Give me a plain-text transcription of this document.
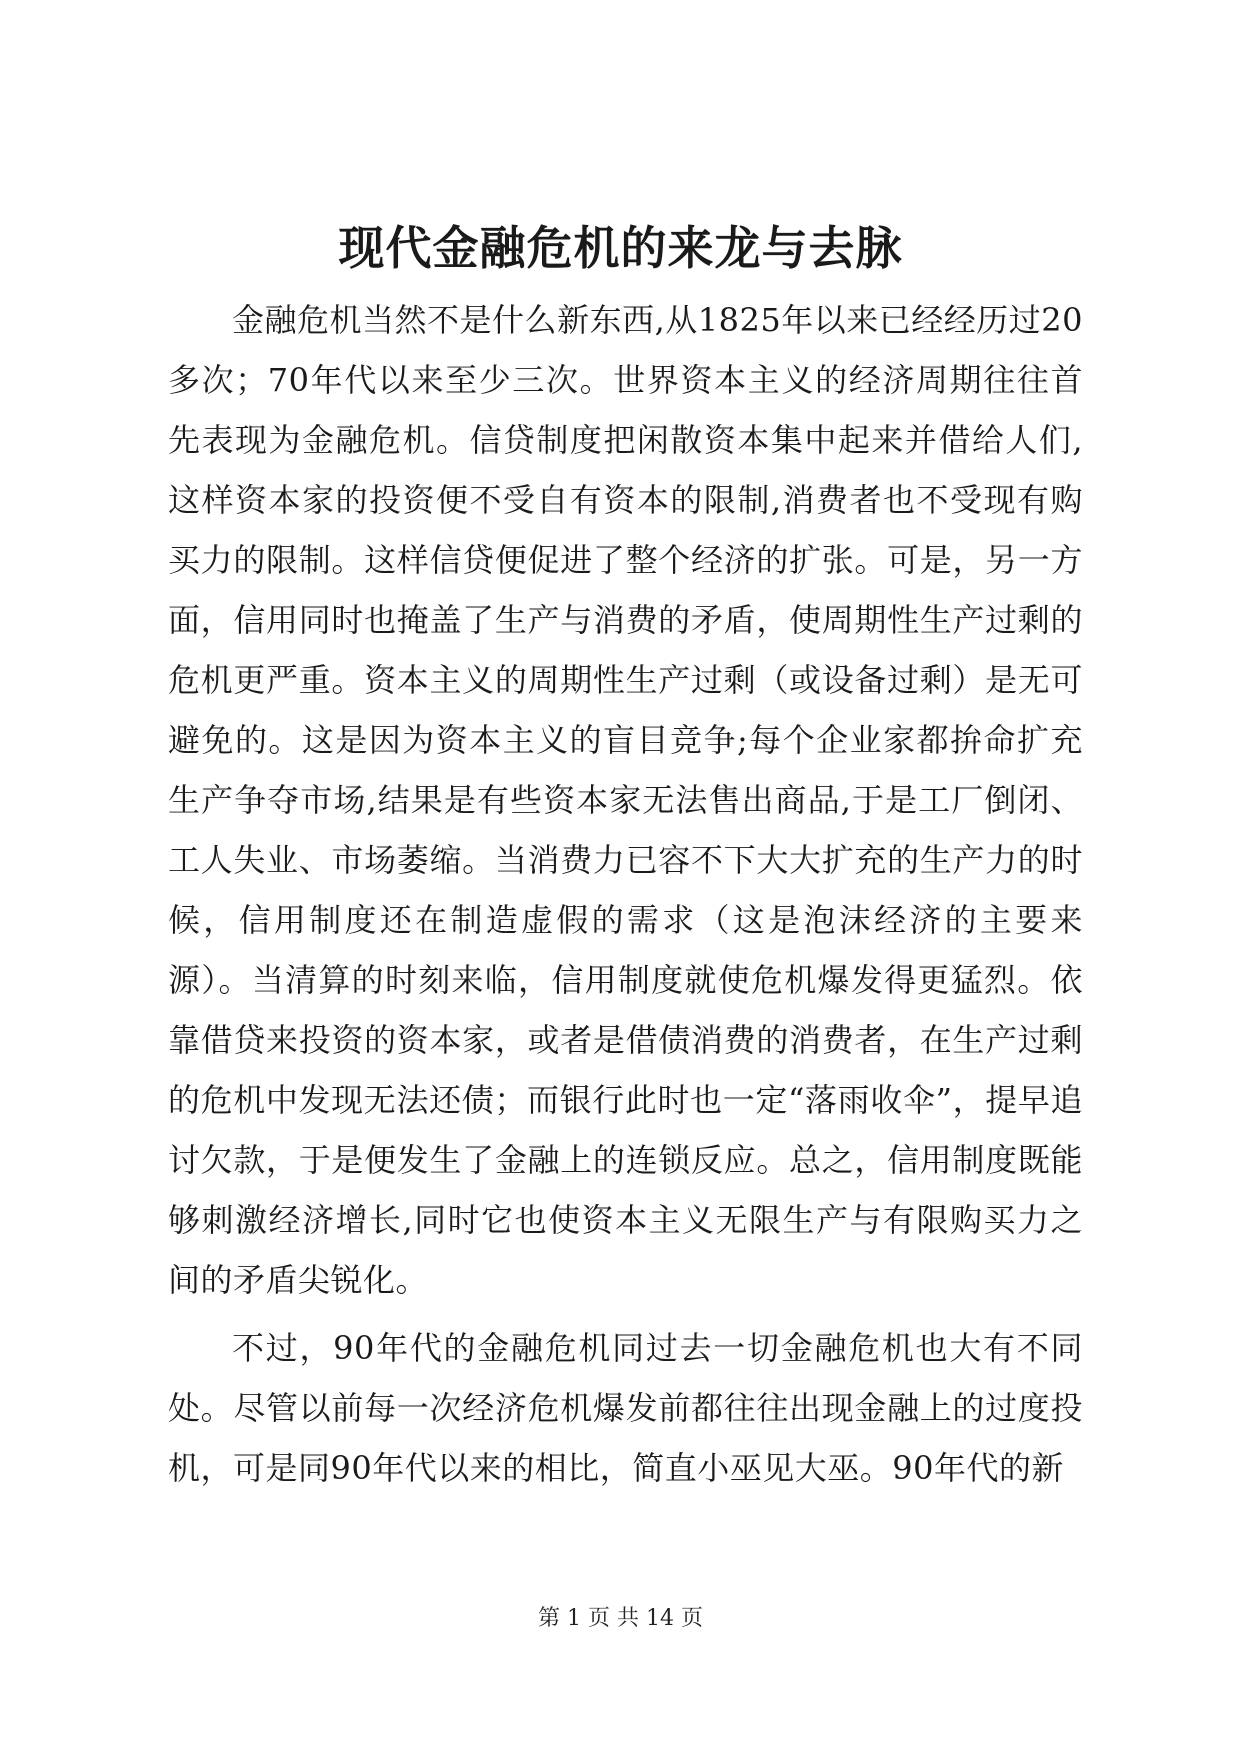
现代金融危机的来龙与去脉

金融危机当然不是什么新东西,从1825年以来已经经历过20多次；70年代以来至少三次。世界资本主义的经济周期往往首先表现为金融危机。信贷制度把闲散资本集中起来并借给人们,这样资本家的投资便不受自有资本的限制,消费者也不受现有购买力的限制。这样信贷便促进了整个经济的扩张。可是，另一方面，信用同时也掩盖了生产与消费的矛盾，使周期性生产过剩的危机更严重。资本主义的周期性生产过剩（或设备过剩）是无可避免的。这是因为资本主义的盲目竞争;每个企业家都拚命扩充生产争夺市场,结果是有些资本家无法售出商品,于是工厂倒闭、工人失业、市场萎缩。当消费力已容不下大大扩充的生产力的时候，信用制度还在制造虚假的需求（这是泡沫经济的主要来源）。当清算的时刻来临，信用制度就使危机爆发得更猛烈。依靠借贷来投资的资本家，或者是借债消费的消费者，在生产过剩的危机中发现无法还债；而银行此时也一定“落雨收伞”，提早追讨欠款，于是便发生了金融上的连锁反应。总之，信用制度既能够刺激经济增长,同时它也使资本主义无限生产与有限购买力之间的矛盾尖锐化。

不过，90年代的金融危机同过去一切金融危机也大有不同处。尽管以前每一次经济危机爆发前都往往出现金融上的过度投机，可是同90年代以来的相比，简直小巫见大巫。90年代的新

第 1 页 共 14 页
